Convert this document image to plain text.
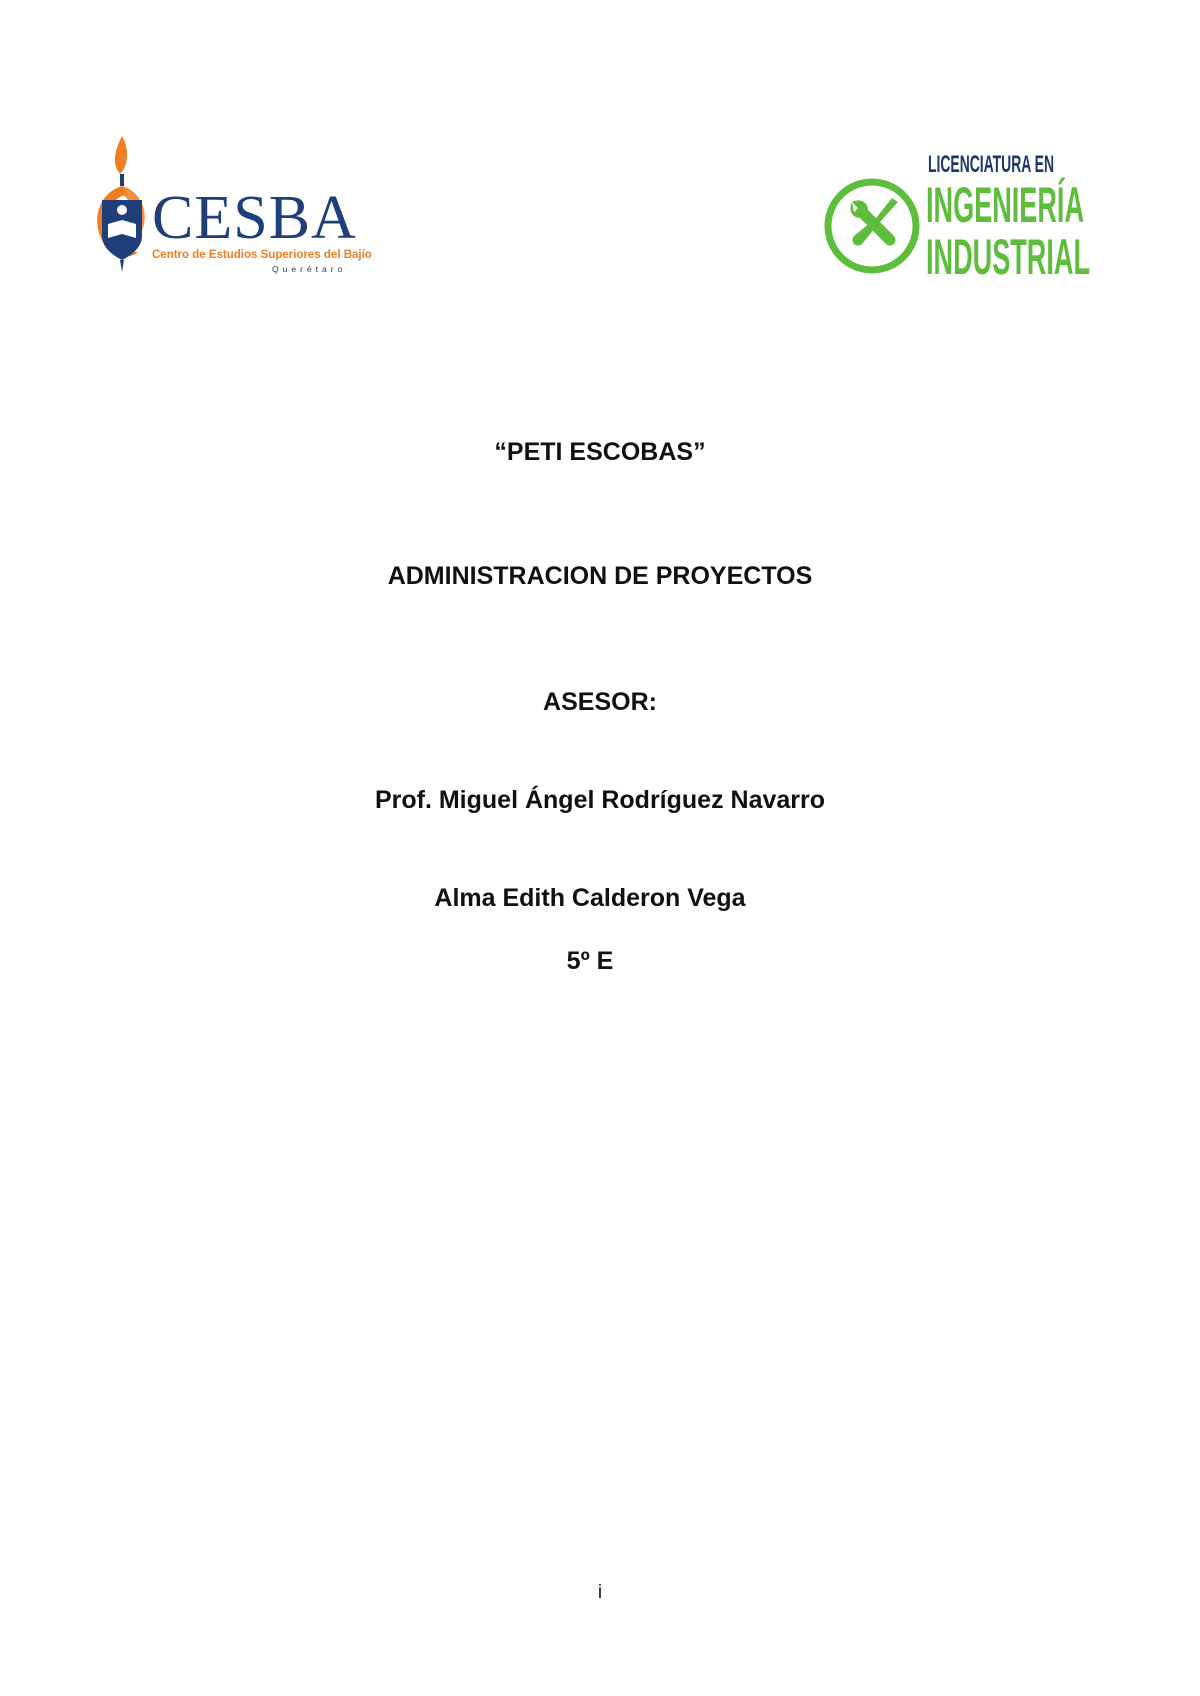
CESBA
Centro de Estudios Superiores del Bajío
Querétaro
LICENCIATURA EN
INGENIERÍA
INDUSTRIAL
“PETI ESCOBAS”
ADMINISTRACION DE PROYECTOS
ASESOR:
Prof. Miguel Ángel Rodríguez Navarro
Alma Edith Calderon Vega
5º E
i
